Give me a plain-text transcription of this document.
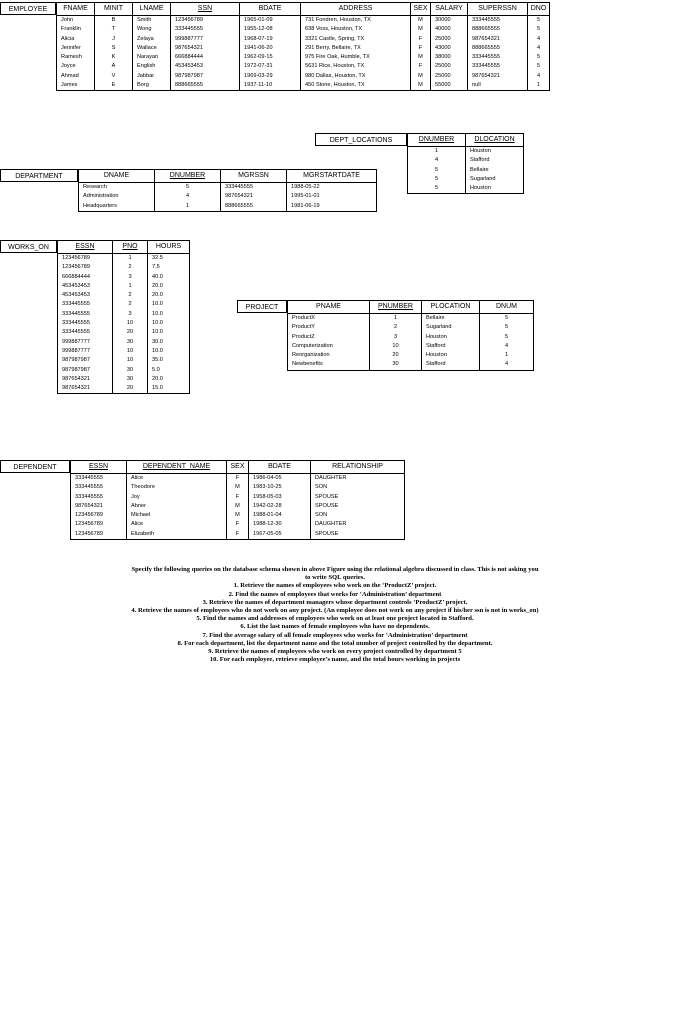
EMPLOYEE	FNAME	MINIT	LNAME	SSN	BDATE	ADDRESS	SEX	SALARY	SUPERSSN	DNO
John	B	Smith	123456789	1965-01-09	731 Fondren, Houston, TX	M	30000	333445555	5
Franklin	T	Wong	333445555	1955-12-08	638 Voss, Houston, TX	M	40000	888665555	5
Alicia	J	Zelaya	999887777	1968-07-19	3321 Castle, Spring, TX	F	25000	987654321	4
Jennifer	S	Wallace	987654321	1941-06-20	291 Berry, Bellaire, TX	F	43000	888665555	4
Ramesh	K	Narayan	666884444	1962-09-15	975 Fire Oak, Humble, TX	M	38000	333445555	5
Joyce	A	English	453453453	1972-07-31	5631 Rice, Houston, TX	F	25000	333445555	5
Ahmad	V	Jabbar	987987987	1969-03-29	980 Dallas, Houston, TX	M	25000	987654321	4
James	E	Borg	888665555	1937-11-10	450 Stone, Houston, TX	M	55000	null	1
DEPT_LOCATIONS	DNUMBER	DLOCATION
1	Houston
4	Stafford
5	Bellaire
5	Sugarland
5	Houston
DEPARTMENT	DNAME	DNUMBER	MGRSSN	MGRSTARTDATE
Research	5	333445555	1988-05-22
Administration	4	987654321	1995-01-01
Headquarters	1	888665555	1981-06-19
WORKS_ON	ESSN	PNO	HOURS
123456789	1	32.5
123456789	2	7.5
666884444	3	40.0
453453453	1	20.0
453453453	2	20.0
333445555	2	10.0
333445555	3	10.0
333445555	10	10.0
333445555	20	10.0
999887777	30	30.0
999887777	10	10.0
987987987	10	35.0
987987987	30	5.0
987654321	30	20.0
987654321	20	15.0
PROJECT	PNAME	PNUMBER	PLOCATION	DNUM
ProductX	1	Bellaire	5
ProductY	2	Sugarland	5
ProductZ	3	Houston	5
Computerization	10	Stafford	4
Reorganization	20	Houston	1
Newbenefits	30	Stafford	4
DEPENDENT	ESSN	DEPENDENT_NAME	SEX	BDATE	RELATIONSHIP
333445555	Alice	F	1986-04-05	DAUGHTER
333445555	Theodore	M	1983-10-25	SON
333445555	Joy	F	1958-05-03	SPOUSE
987654321	Abner	M	1942-02-28	SPOUSE
123456789	Michael	M	1988-01-04	SON
123456789	Alice	F	1988-12-30	DAUGHTER
123456789	Elizabeth	F	1967-05-05	SPOUSE

Specify the following queries on the database schema shown in above Figure using the relational algebra discussed in class. This is not asking you to write SQL queries.

1. Retrieve the names of employees who work on the ‘ProductZ’ project.

2. Find the names of employees that works for ‘Administration’ department

3. Retrieve the names of department managers whose department controls ‘ProductZ’ project.

4. Retrieve the names of employees who do not work on any project. (An employee does not work on any project if his/her ssn is not in works_on)

5. Find the names and addresses of employees who work on at least one project located in Stafford.

6. List the last names of female employees who have no dependents.

7. Find the average salary of all female employees who works for ‘Administration’ department

8. For each department, list the department name and the total number of project controlled by the department.

9. Retrieve the names of employees who work on every project controlled by department 5

10. For each employee, retrieve employee’s name, and the total hours working in projects
